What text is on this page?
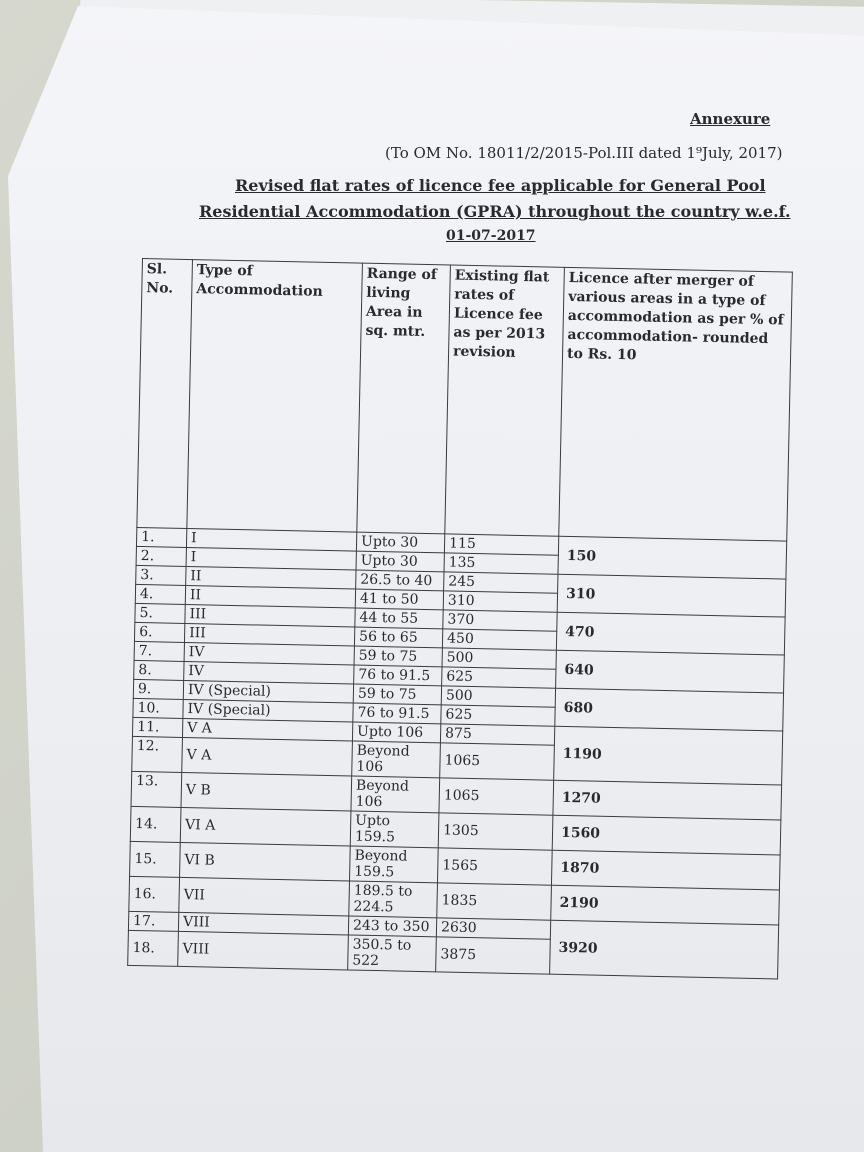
Annexure
(To OM No. 18011/2/2015-Pol.III dated 1⁹July, 2017)
Revised flat rates of licence fee applicable for General Pool
Residential Accommodation (GPRA) throughout the country w.e.f.
01-07-2017
Sl. No.	Type of Accommodation	Range of living Area in sq. mtr.	Existing flat rates of Licence fee as per 2013 revision	Licence after merger of various areas in a type of accommodation as per % of accommodation- rounded to Rs. 10
1.	I	Upto 30	115	150
2.	I	Upto 30	135	
3.	II	26.5 to 40	245	310
4.	II	41 to 50	310	
5.	III	44 to 55	370	470
6.	III	56 to 65	450	
7.	IV	59 to 75	500	640
8.	IV	76 to 91.5	625	
9.	IV (Special)	59 to 75	500	680
10.	IV (Special)	76 to 91.5	625	
11.	V A	Upto 106	875	1190
12.	V A	Beyond 106	1065	
13.	V B	Beyond 106	1065	1270
14.	VI A	Upto 159.5	1305	1560
15.	VI B	Beyond 159.5	1565	1870
16.	VII	189.5 to 224.5	1835	2190
17.	VIII	243 to 350	2630	3920
18.	VIII	350.5 to 522	3875	
